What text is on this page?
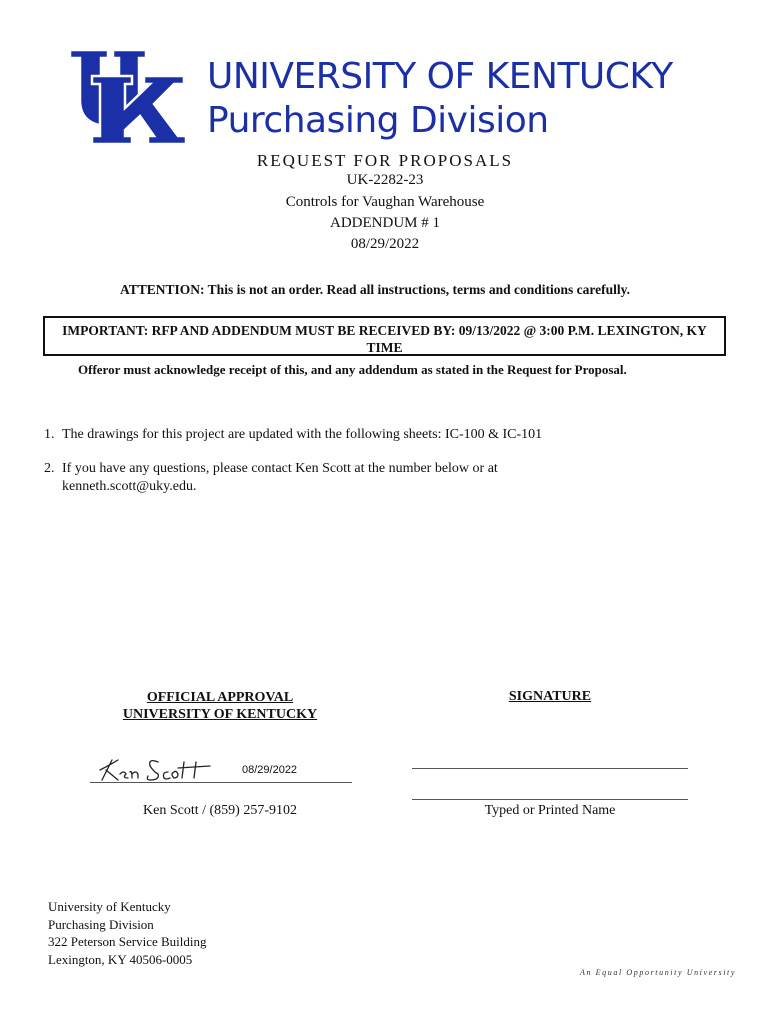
UNIVERSITY OF KENTUCKY
Purchasing Division
REQUEST FOR PROPOSALS
UK-2282-23
Controls for Vaughan Warehouse
ADDENDUM # 1
08/29/2022
ATTENTION: This is not an order. Read all instructions, terms and conditions carefully.
IMPORTANT: RFP AND ADDENDUM MUST BE RECEIVED BY: 09/13/2022 @ 3:00 P.M. LEXINGTON, KY TIME
Offeror must acknowledge receipt of this, and any addendum as stated in the Request for Proposal.
1. The drawings for this project are updated with the following sheets: IC-100 & IC-101
2. If you have any questions, please contact Ken Scott at the number below or at kenneth.scott@uky.edu.
OFFICIAL APPROVAL
UNIVERSITY OF KENTUCKY
SIGNATURE
08/29/2022
Ken Scott / (859) 257-9102	Typed or Printed Name
University of Kentucky
Purchasing Division
322 Peterson Service Building
Lexington, KY 40506-0005
An Equal Opportunity University
